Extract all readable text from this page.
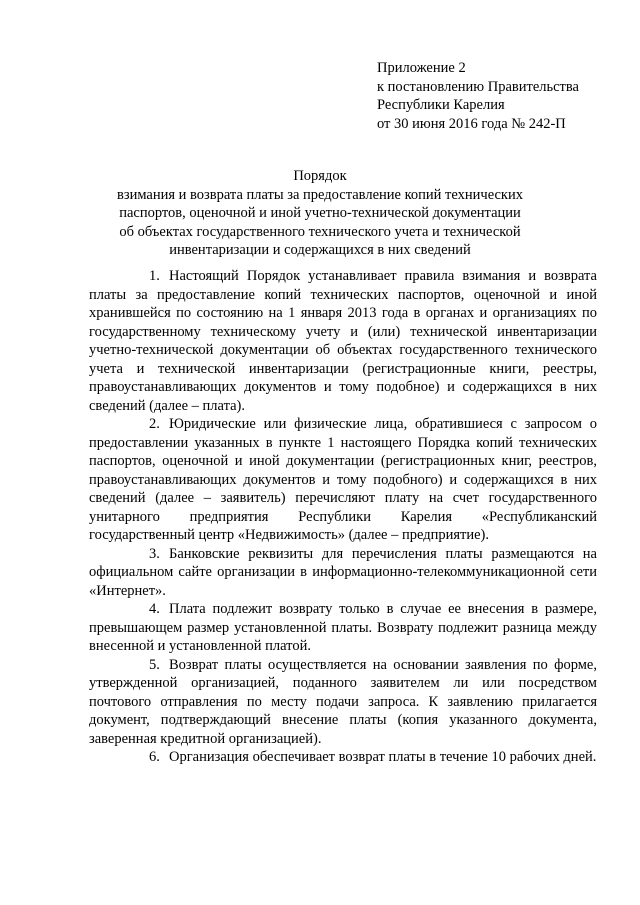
Приложение 2
к постановлению Правительства
Республики Карелия
от 30 июня 2016 года № 242-П
Порядок
взимания и возврата платы за предоставление копий технических
паспортов, оценочной и иной учетно-технической документации
об объектах государственного технического учета и технической
инвентаризации и содержащихся в них сведений

1. Настоящий Порядок устанавливает правила взимания и возврата платы за предоставление копий технических паспортов, оценочной и иной хранившейся по состоянию на 1 января 2013 года в органах и организациях по государственному техническому учету и (или) технической инвентаризации учетно-технической документации об объектах государственного технического учета и технической инвентаризации (регистрационные книги, реестры, правоустанавливающих документов и тому подобное) и содержащихся в них сведений (далее – плата).

2. Юридические или физические лица, обратившиеся с запросом о предоставлении указанных в пункте 1 настоящего Порядка копий технических паспортов, оценочной и иной документации (регистрационных книг, реестров, правоустанавливающих документов и тому подобного) и содержащихся в них сведений (далее – заявитель) перечисляют плату на счет государственного унитарного предприятия Республики Карелия «Республиканский государственный центр «Недвижимость» (далее – предприятие).

3. Банковские реквизиты для перечисления платы размещаются на официальном сайте организации в информационно-телекоммуникационной сети «Интернет».

4. Плата подлежит возврату только в случае ее внесения в размере, превышающем размер установленной платы. Возврату подлежит разница между внесенной и установленной платой.

5. Возврат платы осуществляется на основании заявления по форме, утвержденной организацией, поданного заявителем ли или посредством почтового отправления по месту подачи запроса. К заявлению прилагается документ, подтверждающий внесение платы (копия указанного документа, заверенная кредитной организацией).

6. Организация обеспечивает возврат платы в течение 10 рабочих дней.
